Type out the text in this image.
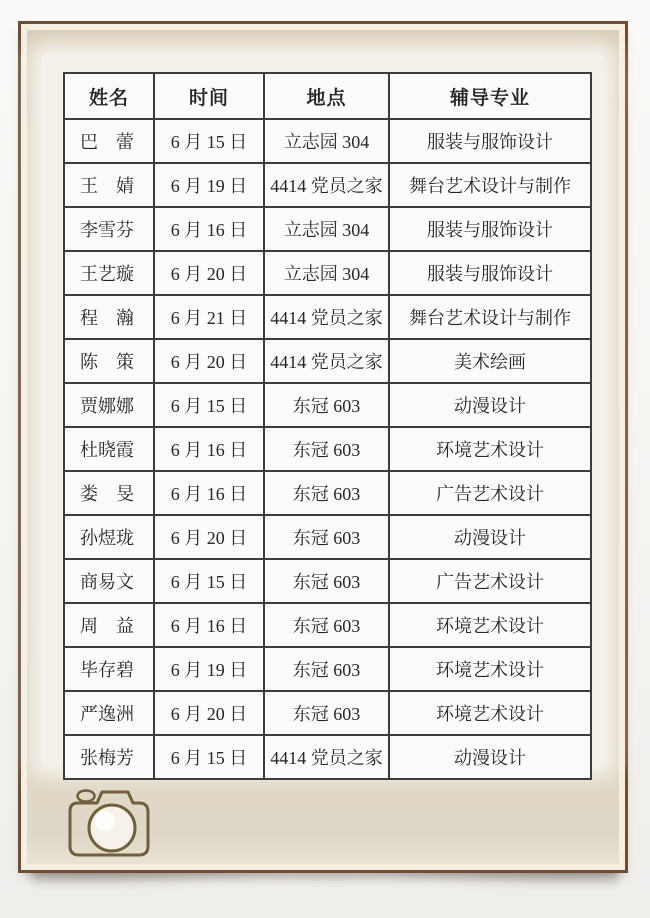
姓名	时间	地点	辅导专业
巴　蕾	6 月 15 日	立志园 304	服装与服饰设计
王　婧	6 月 19 日	4414 党员之家	舞台艺术设计与制作
李雪芬	6 月 16 日	立志园 304	服装与服饰设计
王艺璇	6 月 20 日	立志园 304	服装与服饰设计
程　瀚	6 月 21 日	4414 党员之家	舞台艺术设计与制作
陈　策	6 月 20 日	4414 党员之家	美术绘画
贾娜娜	6 月 15 日	东冠 603	动漫设计
杜晓霞	6 月 16 日	东冠 603	环境艺术设计
娄　旻	6 月 16 日	东冠 603	广告艺术设计
孙煜珑	6 月 20 日	东冠 603	动漫设计
商易文	6 月 15 日	东冠 603	广告艺术设计
周　益	6 月 16 日	东冠 603	环境艺术设计
毕存碧	6 月 19 日	东冠 603	环境艺术设计
严逸洲	6 月 20 日	东冠 603	环境艺术设计
张梅芳	6 月 15 日	4414 党员之家	动漫设计
